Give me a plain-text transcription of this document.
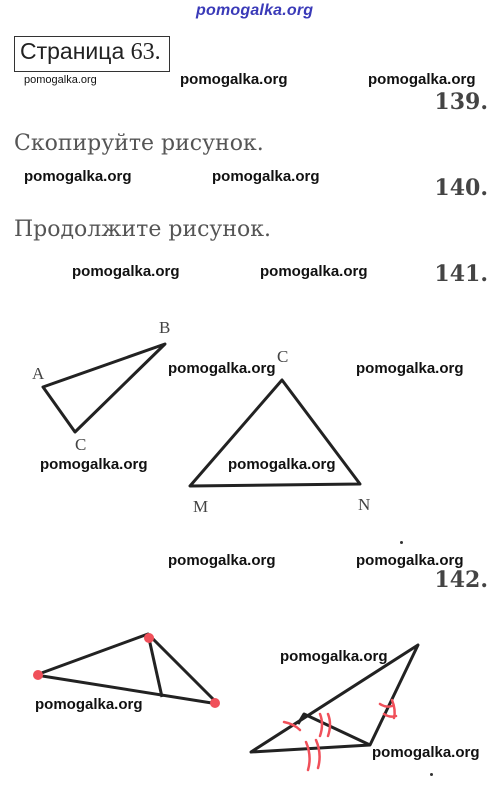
pomogalka.org
Страница 63.
pomogalka.org	pomogalka.org	pomogalka.org
139.
Скопируйте рисунок.
pomogalka.org	pomogalka.org	140.
Продолжите рисунок.
pomogalka.org	pomogalka.org	141.
A
B
C
C
M	N
pomogalka.org	pomogalka.org
pomogalka.org	pomogalka.org
pomogalka.org	pomogalka.org
142.
pomogalka.org
pomogalka.org
pomogalka.org
